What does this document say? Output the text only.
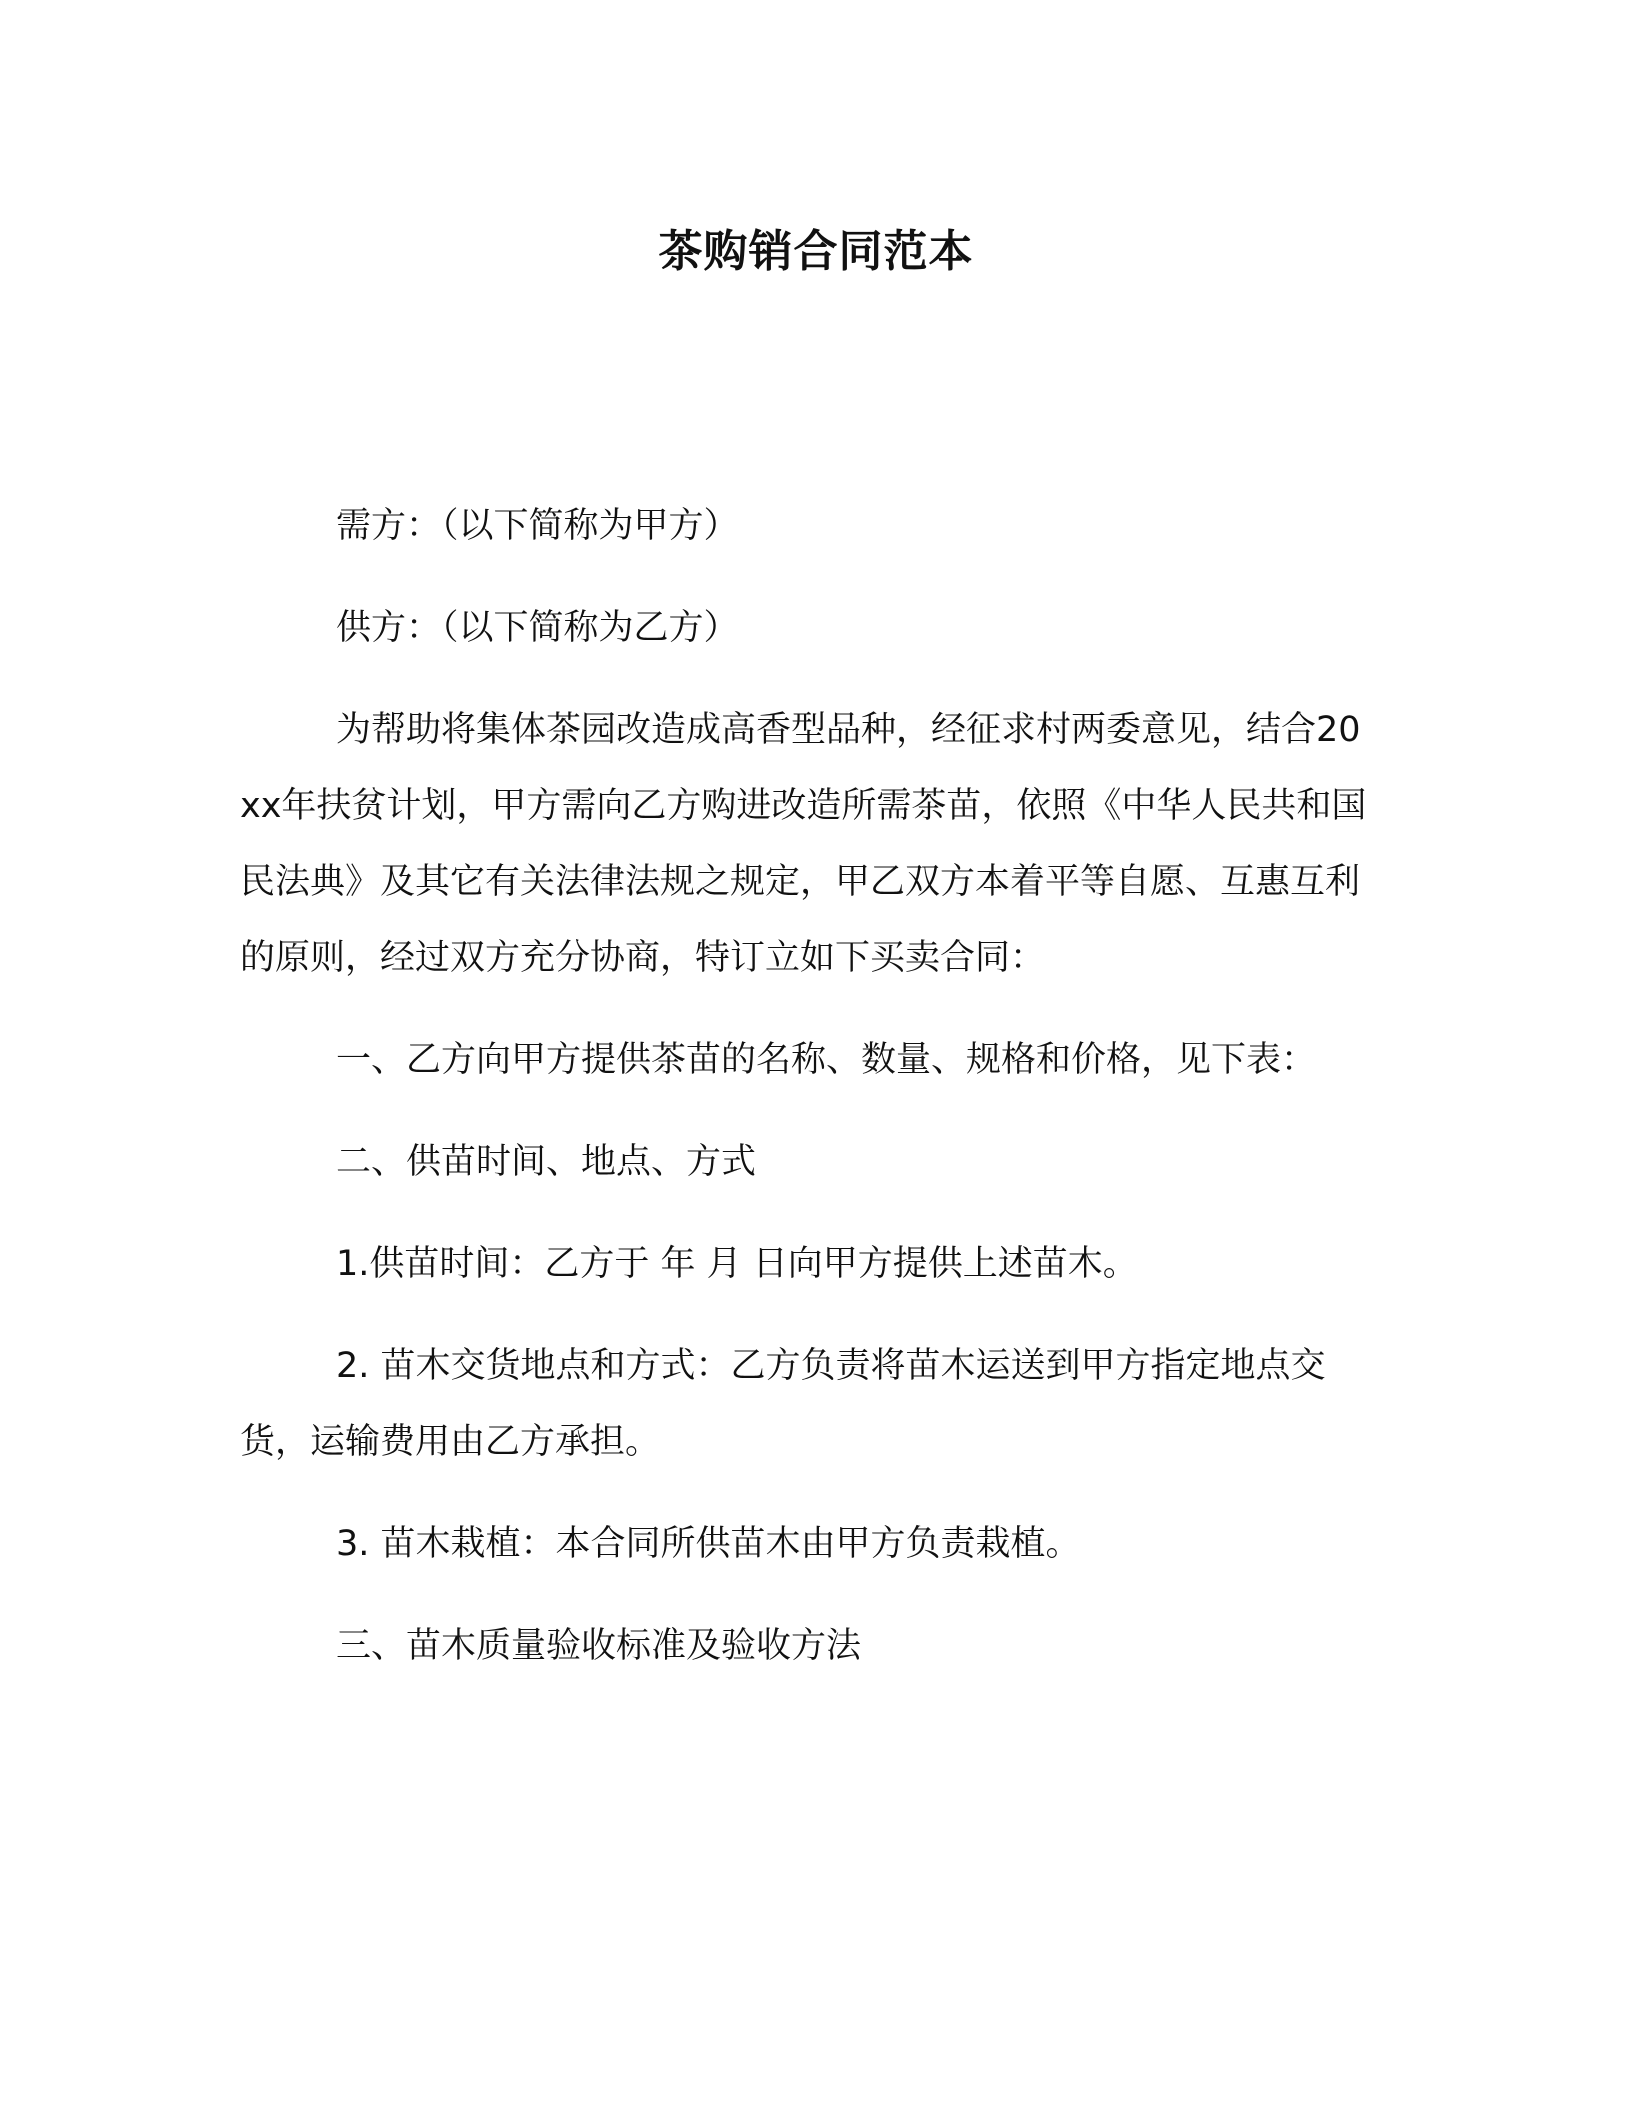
茶购销合同范本

需方：（以下简称为甲方）

供方：（以下简称为乙方）

为帮助将集体茶园改造成高香型品种，经征求村两委意见，结合20xx年扶贫计划，甲方需向乙方购进改造所需茶苗，依照《中华人民共和国民法典》及其它有关法律法规之规定，甲乙双方本着平等自愿、互惠互利的原则，经过双方充分协商，特订立如下买卖合同：

一、乙方向甲方提供茶苗的名称、数量、规格和价格，见下表：

二、供苗时间、地点、方式

1.供苗时间：乙方于 年 月 日向甲方提供上述苗木。

2. 苗木交货地点和方式：乙方负责将苗木运送到甲方指定地点交货，运输费用由乙方承担。

3. 苗木栽植：本合同所供苗木由甲方负责栽植。

三、苗木质量验收标准及验收方法
